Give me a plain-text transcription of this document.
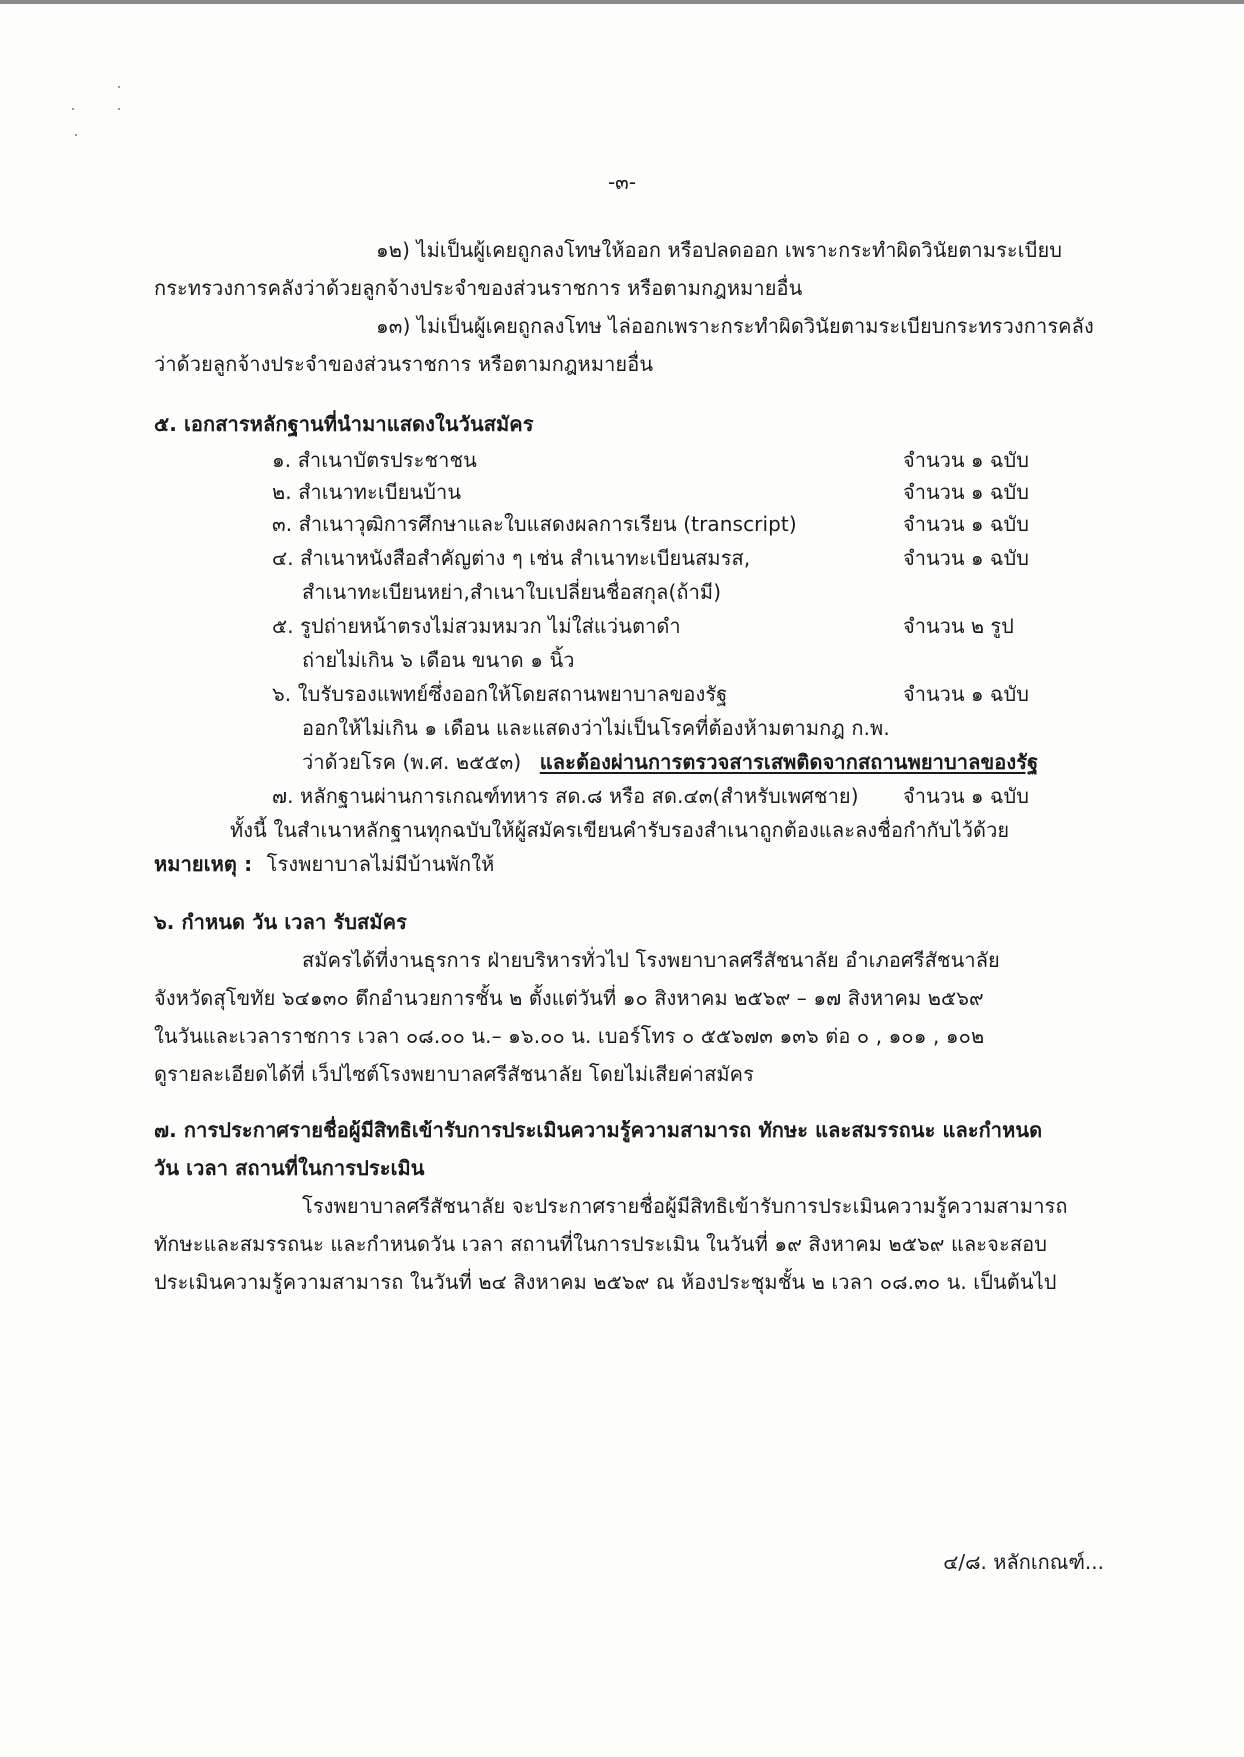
-๓-
๑๒) ไม่เป็นผู้เคยถูกลงโทษให้ออก หรือปลดออก เพราะกระทำผิดวินัยตามระเบียบ
กระทรวงการคลังว่าด้วยลูกจ้างประจำของส่วนราชการ หรือตามกฎหมายอื่น
๑๓) ไม่เป็นผู้เคยถูกลงโทษ ไล่ออกเพราะกระทำผิดวินัยตามระเบียบกระทรวงการคลัง
ว่าด้วยลูกจ้างประจำของส่วนราชการ หรือตามกฎหมายอื่น
๕. เอกสารหลักฐานที่นำมาแสดงในวันสมัคร
๑. สำเนาบัตรประชาชน	จำนวน ๑ ฉบับ
๒. สำเนาทะเบียนบ้าน	จำนวน ๑ ฉบับ
๓. สำเนาวุฒิการศึกษาและใบแสดงผลการเรียน (transcript)	จำนวน ๑ ฉบับ
๔. สำเนาหนังสือสำคัญต่าง ๆ เช่น สำเนาทะเบียนสมรส,	จำนวน ๑ ฉบับ
สำเนาทะเบียนหย่า,สำเนาใบเปลี่ยนชื่อสกุล(ถ้ามี)
๕. รูปถ่ายหน้าตรงไม่สวมหมวก ไม่ใส่แว่นตาดำ	จำนวน ๒ รูป
ถ่ายไม่เกิน ๖ เดือน ขนาด ๑ นิ้ว
๖. ใบรับรองแพทย์ซึ่งออกให้โดยสถานพยาบาลของรัฐ	จำนวน ๑ ฉบับ
ออกให้ไม่เกิน ๑ เดือน และแสดงว่าไม่เป็นโรคที่ต้องห้ามตามกฎ ก.พ.
ว่าด้วยโรค (พ.ศ. ๒๕๕๓) และต้องผ่านการตรวจสารเสพติดจากสถานพยาบาลของรัฐ
๗. หลักฐานผ่านการเกณฑ์ทหาร สด.๘ หรือ สด.๔๓(สำหรับเพศชาย) จำนวน ๑ ฉบับ
ทั้งนี้ ในสำเนาหลักฐานทุกฉบับให้ผู้สมัครเขียนคำรับรองสำเนาถูกต้องและลงชื่อกำกับไว้ด้วย
หมายเหตุ : โรงพยาบาลไม่มีบ้านพักให้
๖. กำหนด วัน เวลา รับสมัคร
สมัครได้ที่งานธุรการ ฝ่ายบริหารทั่วไป โรงพยาบาลศรีสัชนาลัย อำเภอศรีสัชนาลัย
จังหวัดสุโขทัย ๖๔๑๓๐ ตึกอำนวยการชั้น ๒ ตั้งแต่วันที่ ๑๐ สิงหาคม ๒๕๖๙ – ๑๗ สิงหาคม ๒๕๖๙
ในวันและเวลาราชการ เวลา ๐๘.๐๐ น.– ๑๖.๐๐ น. เบอร์โทร ๐ ๕๕๖๗๓ ๑๓๖ ต่อ ๐ , ๑๐๑ , ๑๐๒
ดูรายละเอียดได้ที่ เว็ปไซต์โรงพยาบาลศรีสัชนาลัย โดยไม่เสียค่าสมัคร
๗. การประกาศรายชื่อผู้มีสิทธิเข้ารับการประเมินความรู้ความสามารถ ทักษะ และสมรรถนะ และกำหนด
วัน เวลา สถานที่ในการประเมิน
โรงพยาบาลศรีสัชนาลัย จะประกาศรายชื่อผู้มีสิทธิเข้ารับการประเมินความรู้ความสามารถ
ทักษะและสมรรถนะ และกำหนดวัน เวลา สถานที่ในการประเมิน ในวันที่ ๑๙ สิงหาคม ๒๕๖๙ และจะสอบ
ประเมินความรู้ความสามารถ ในวันที่ ๒๔ สิงหาคม ๒๕๖๙ ณ ห้องประชุมชั้น ๒ เวลา ๐๘.๓๐ น. เป็นต้นไป
๔/๘. หลักเกณฑ์...
